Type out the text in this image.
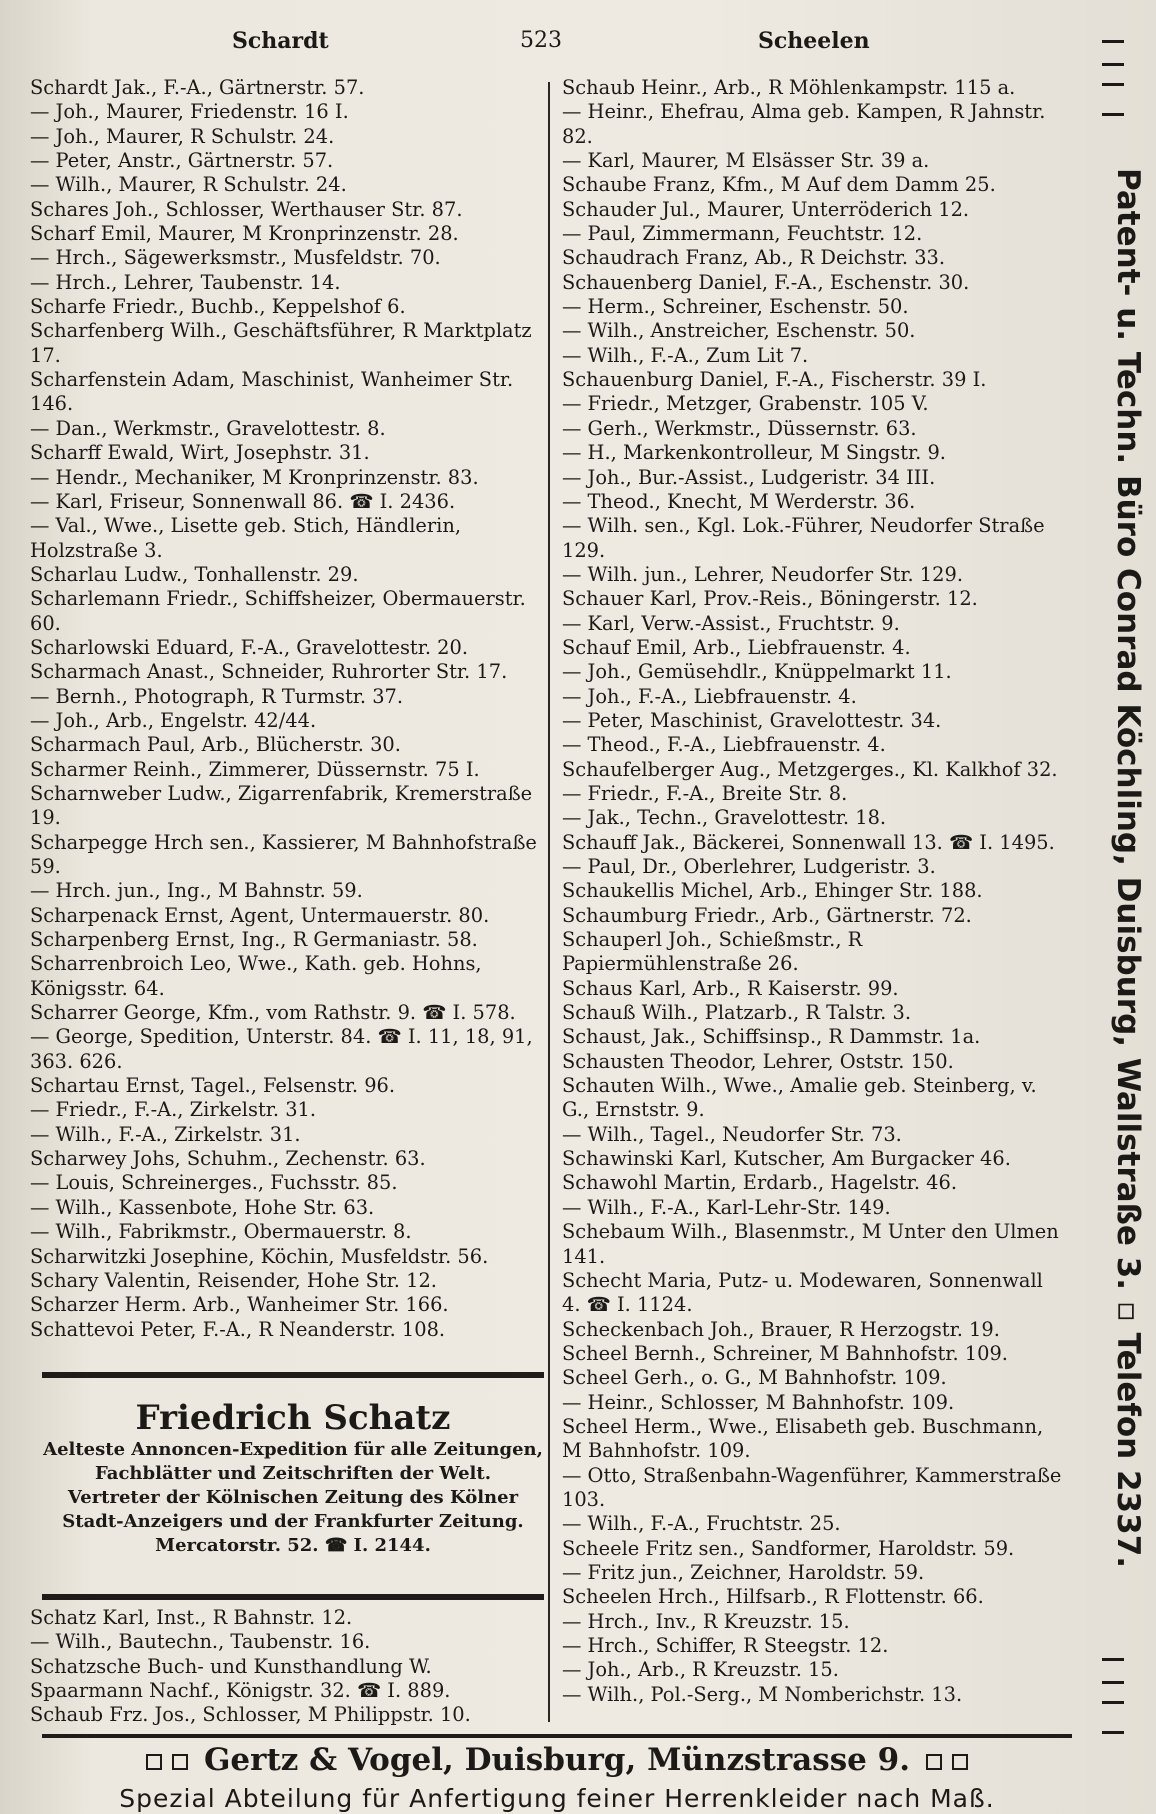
Schardt	523	Scheelen
Schardt Jak., F.-A., Gärtnerstr. 57.
— Joh., Maurer, Friedenstr. 16 I.
— Joh., Maurer, R Schulstr. 24.
— Peter, Anstr., Gärtnerstr. 57.
— Wilh., Maurer, R Schulstr. 24.
Schares Joh., Schlosser, Werthauser Str. 87.
Scharf Emil, Maurer, M Kronprinzenstr. 28.
— Hrch., Sägewerksmstr., Musfeldstr. 70.
— Hrch., Lehrer, Taubenstr. 14.
Scharfe Friedr., Buchb., Keppelshof 6.
Scharfenberg Wilh., Geschäftsführer, R Marktplatz 17.
Scharfenstein Adam, Maschinist, Wanheimer Str. 146.
— Dan., Werkmstr., Gravelottestr. 8.
Scharff Ewald, Wirt, Josephstr. 31.
— Hendr., Mechaniker, M Kronprinzenstr. 83.
— Karl, Friseur, Sonnenwall 86. ☎ I. 2436.
— Val., Wwe., Lisette geb. Stich, Händlerin, Holzstraße 3.
Scharlau Ludw., Tonhallenstr. 29.
Scharlemann Friedr., Schiffsheizer, Obermauerstr. 60.
Scharlowski Eduard, F.-A., Gravelottestr. 20.
Scharmach Anast., Schneider, Ruhrorter Str. 17.
— Bernh., Photograph, R Turmstr. 37.
— Joh., Arb., Engelstr. 42/44.
Scharmach Paul, Arb., Blücherstr. 30.
Scharmer Reinh., Zimmerer, Düssernstr. 75 I.
Scharnweber Ludw., Zigarrenfabrik, Kremerstraße 19.
Scharpegge Hrch sen., Kassierer, M Bahnhofstraße 59.
— Hrch. jun., Ing., M Bahnstr. 59.
Scharpenack Ernst, Agent, Untermauerstr. 80.
Scharpenberg Ernst, Ing., R Germaniastr. 58.
Scharrenbroich Leo, Wwe., Kath. geb. Hohns, Königsstr. 64.
Scharrer George, Kfm., vom Rathstr. 9. ☎ I. 578.
— George, Spedition, Unterstr. 84. ☎ I. 11, 18, 91, 363. 626.
Schartau Ernst, Tagel., Felsenstr. 96.
— Friedr., F.-A., Zirkelstr. 31.
— Wilh., F.-A., Zirkelstr. 31.
Scharwey Johs, Schuhm., Zechenstr. 63.
— Louis, Schreinerges., Fuchsstr. 85.
— Wilh., Kassenbote, Hohe Str. 63.
— Wilh., Fabrikmstr., Obermauerstr. 8.
Scharwitzki Josephine, Köchin, Musfeldstr. 56.
Schary Valentin, Reisender, Hohe Str. 12.
Scharzer Herm. Arb., Wanheimer Str. 166.
Schattevoi Peter, F.-A., R Neanderstr. 108.
Friedrich Schatz
Aelteste Annoncen-Expedition für alle Zeitungen,
Fachblätter und Zeitschriften der Welt.
Vertreter der Kölnischen Zeitung des Kölner
Stadt-Anzeigers und der Frankfurter Zeitung.
Mercatorstr. 52. ☎ I. 2144.
Schatz Karl, Inst., R Bahnstr. 12.
— Wilh., Bautechn., Taubenstr. 16.
Schatzsche Buch- und Kunsthandlung W. Spaarmann Nachf., Königstr. 32. ☎ I. 889.
Schaub Frz. Jos., Schlosser, M Philippstr. 10.
Schaub Heinr., Arb., R Möhlenkampstr. 115 a.
— Heinr., Ehefrau, Alma geb. Kampen, R Jahnstr. 82.
— Karl, Maurer, M Elsässer Str. 39 a.
Schaube Franz, Kfm., M Auf dem Damm 25.
Schauder Jul., Maurer, Unterröderich 12.
— Paul, Zimmermann, Feuchtstr. 12.
Schaudrach Franz, Ab., R Deichstr. 33.
Schauenberg Daniel, F.-A., Eschenstr. 30.
— Herm., Schreiner, Eschenstr. 50.
— Wilh., Anstreicher, Eschenstr. 50.
— Wilh., F.-A., Zum Lit 7.
Schauenburg Daniel, F.-A., Fischerstr. 39 I.
— Friedr., Metzger, Grabenstr. 105 V.
— Gerh., Werkmstr., Düssernstr. 63.
— H., Markenkontrolleur, M Singstr. 9.
— Joh., Bur.-Assist., Ludgeristr. 34 III.
— Theod., Knecht, M Werderstr. 36.
— Wilh. sen., Kgl. Lok.-Führer, Neudorfer Straße 129.
— Wilh. jun., Lehrer, Neudorfer Str. 129.
Schauer Karl, Prov.-Reis., Böningerstr. 12.
— Karl, Verw.-Assist., Fruchtstr. 9.
Schauf Emil, Arb., Liebfrauenstr. 4.
— Joh., Gemüsehdlr., Knüppelmarkt 11.
— Joh., F.-A., Liebfrauenstr. 4.
— Peter, Maschinist, Gravelottestr. 34.
— Theod., F.-A., Liebfrauenstr. 4.
Schaufelberger Aug., Metzgerges., Kl. Kalkhof 32.
— Friedr., F.-A., Breite Str. 8.
— Jak., Techn., Gravelottestr. 18.
Schauff Jak., Bäckerei, Sonnenwall 13. ☎ I. 1495.
— Paul, Dr., Oberlehrer, Ludgeristr. 3.
Schaukellis Michel, Arb., Ehinger Str. 188.
Schaumburg Friedr., Arb., Gärtnerstr. 72.
Schauperl Joh., Schießmstr., R Papiermühlenstraße 26.
Schaus Karl, Arb., R Kaiserstr. 99.
Schauß Wilh., Platzarb., R Talstr. 3.
Schaust, Jak., Schiffsinsp., R Dammstr. 1a.
Schausten Theodor, Lehrer, Oststr. 150.
Schauten Wilh., Wwe., Amalie geb. Steinberg, v. G., Ernststr. 9.
— Wilh., Tagel., Neudorfer Str. 73.
Schawinski Karl, Kutscher, Am Burgacker 46.
Schawohl Martin, Erdarb., Hagelstr. 46.
— Wilh., F.-A., Karl-Lehr-Str. 149.
Schebaum Wilh., Blasenmstr., M Unter den Ulmen 141.
Schecht Maria, Putz- u. Modewaren, Sonnenwall 4. ☎ I. 1124.
Scheckenbach Joh., Brauer, R Herzogstr. 19.
Scheel Bernh., Schreiner, M Bahnhofstr. 109.
Scheel Gerh., o. G., M Bahnhofstr. 109.
— Heinr., Schlosser, M Bahnhofstr. 109.
Scheel Herm., Wwe., Elisabeth geb. Buschmann, M Bahnhofstr. 109.
— Otto, Straßenbahn-Wagenführer, Kammerstraße 103.
— Wilh., F.-A., Fruchtstr. 25.
Scheele Fritz sen., Sandformer, Haroldstr. 59.
— Fritz jun., Zeichner, Haroldstr. 59.
Scheelen Hrch., Hilfsarb., R Flottenstr. 66.
— Hrch., Inv., R Kreuzstr. 15.
— Hrch., Schiffer, R Steegstr. 12.
— Joh., Arb., R Kreuzstr. 15.
— Wilh., Pol.-Serg., M Nomberichstr. 13.
Patent- u. Techn. Büro Conrad Köchling, Duisburg, Wallstraße 3. ▫ Telefon 2337.
Gertz & Vogel, Duisburg, Münzstrasse 9.
Spezial Abteilung für Anfertigung feiner Herrenkleider nach Maß.
